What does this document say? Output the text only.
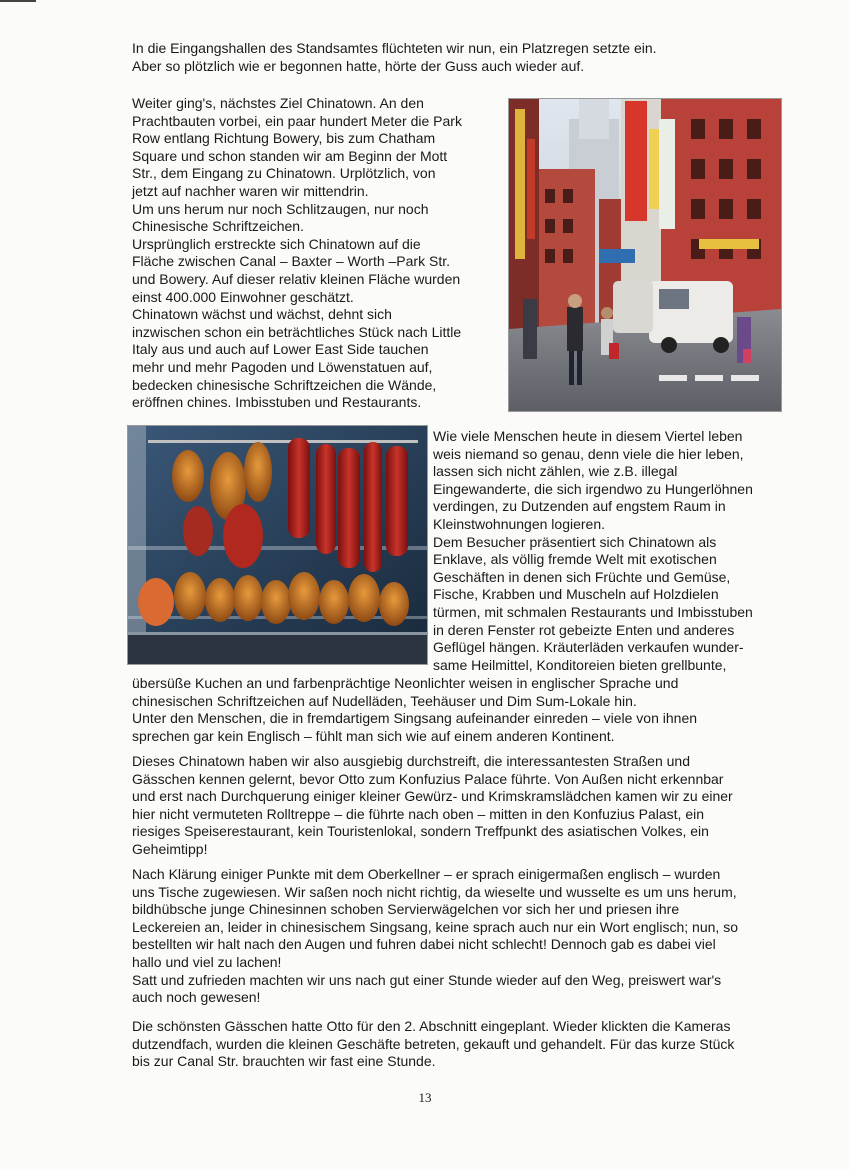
In die Eingangshallen des Standsamtes flüchteten wir nun, ein Platzregen setzte ein.
Aber so plötzlich wie er begonnen hatte, hörte der Guss auch wieder auf.
Weiter ging's, nächstes Ziel Chinatown. An den
Prachtbauten vorbei, ein paar hundert Meter die Park
Row entlang Richtung Bowery, bis zum Chatham
Square und schon standen wir am Beginn der Mott
Str., dem Eingang zu Chinatown. Urplötzlich, von
jetzt auf nachher waren wir mittendrin.
Um uns herum nur noch Schlitzaugen, nur noch
Chinesische Schriftzeichen.
Ursprünglich erstreckte sich Chinatown auf die
Fläche zwischen Canal – Baxter – Worth –Park Str.
und Bowery. Auf dieser relativ kleinen Fläche wurden
einst 400.000 Einwohner geschätzt.
Chinatown wächst und wächst, dehnt sich
inzwischen schon ein beträchtliches Stück nach Little
Italy aus und auch auf Lower East Side tauchen
mehr und mehr Pagoden und Löwenstatuen auf,
bedecken chinesische Schriftzeichen die Wände,
eröffnen chines. Imbisstuben und Restaurants.
Wie viele Menschen heute in diesem Viertel leben
weis niemand so genau, denn viele die hier leben,
lassen sich nicht zählen, wie z.B. illegal
Eingewanderte, die sich irgendwo zu Hungerlöhnen
verdingen, zu Dutzenden auf engstem Raum in
Kleinstwohnungen logieren.
Dem Besucher präsentiert sich Chinatown als
Enklave, als völlig fremde Welt mit exotischen
Geschäften in denen sich Früchte und Gemüse,
Fische, Krabben und Muscheln auf Holzdielen
türmen, mit schmalen Restaurants und Imbisstuben
in deren Fenster rot gebeizte Enten und anderes
Geflügel hängen. Kräuterläden verkaufen wunder-
same Heilmittel, Konditoreien bieten grellbunte,
übersüße Kuchen an und farbenprächtige Neonlichter weisen in englischer Sprache und
chinesischen Schriftzeichen auf Nudelläden, Teehäuser und Dim Sum-Lokale hin.
Unter den Menschen, die in fremdartigem Singsang aufeinander einreden – viele von ihnen
sprechen gar kein Englisch – fühlt man sich wie auf einem anderen Kontinent.
Dieses Chinatown haben wir also ausgiebig durchstreift, die interessantesten Straßen und
Gässchen kennen gelernt, bevor Otto zum Konfuzius Palace führte. Von Außen nicht erkennbar
und erst nach Durchquerung einiger kleiner Gewürz- und Krimskramslädchen kamen wir zu einer
hier nicht vermuteten Rolltreppe – die führte nach oben – mitten in den Konfuzius Palast, ein
riesiges Speiserestaurant, kein Touristenlokal, sondern Treffpunkt des asiatischen Volkes, ein
Geheimtipp!
Nach Klärung einiger Punkte mit dem Oberkellner – er sprach einigermaßen englisch – wurden
uns Tische zugewiesen. Wir saßen noch nicht richtig, da wieselte und wusselte es um uns herum,
bildhübsche junge Chinesinnen schoben Servierwägelchen vor sich her und priesen ihre
Leckereien an, leider in chinesischem Singsang, keine sprach auch nur ein Wort englisch; nun, so
bestellten wir halt nach den Augen und fuhren dabei nicht schlecht! Dennoch gab es dabei viel
hallo und viel zu lachen!
Satt und zufrieden machten wir uns nach gut einer Stunde wieder auf den Weg, preiswert war's
auch noch gewesen!
Die schönsten Gässchen hatte Otto für den 2. Abschnitt eingeplant. Wieder klickten die Kameras
dutzendfach, wurden die kleinen Geschäfte betreten, gekauft und gehandelt. Für das kurze Stück
bis zur Canal Str. brauchten wir fast eine Stunde.
13
